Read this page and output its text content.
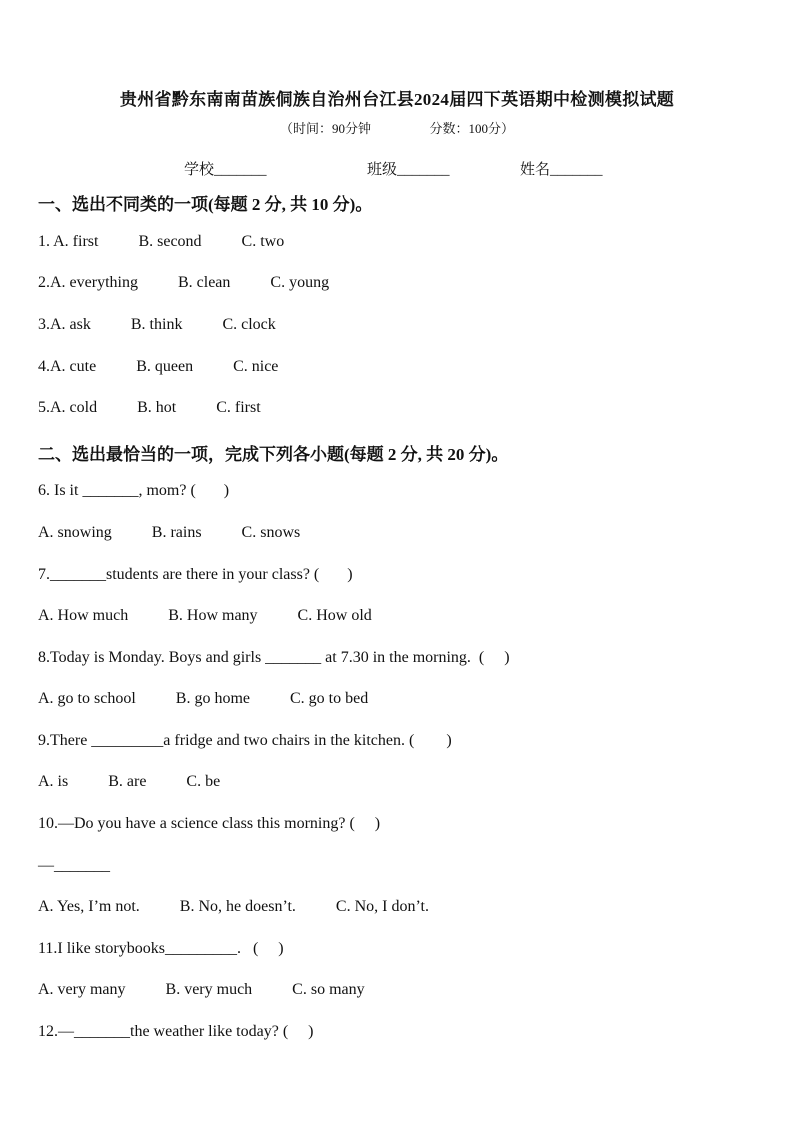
贵州省黔东南南苗族侗族自治州台江县2024届四下英语期中检测模拟试题
（时间：90分钟                  分数：100分）
学校_______	班级_______	姓名_______
一、选出不同类的一项(每题 2 分, 共 10 分)。
1. A. first          B. second          C. two
2.A. everything          B. clean          C. young
3.A. ask          B. think          C. clock
4.A. cute          B. queen          C. nice
5.A. cold          B. hot          C. first
二、选出最恰当的一项，完成下列各小题(每题 2 分, 共 20 分)。
6. Is it _______, mom? (       )
A. snowing          B. rains          C. snows
7._______students are there in your class? (       )
A. How much          B. How many          C. How old
8.Today is Monday. Boys and girls _______ at 7.30 in the morning.  (     )
A. go to school          B. go home          C. go to bed
9.There _________a fridge and two chairs in the kitchen. (        )
A. is          B. are          C. be
10.—Do you have a science class this morning? (     )
—_______
A. Yes, I’m not.          B. No, he doesn’t.          C. No, I don’t.
11.I like storybooks_________.   (     )
A. very many          B. very much          C. so many
12.—_______the weather like today? (     )
